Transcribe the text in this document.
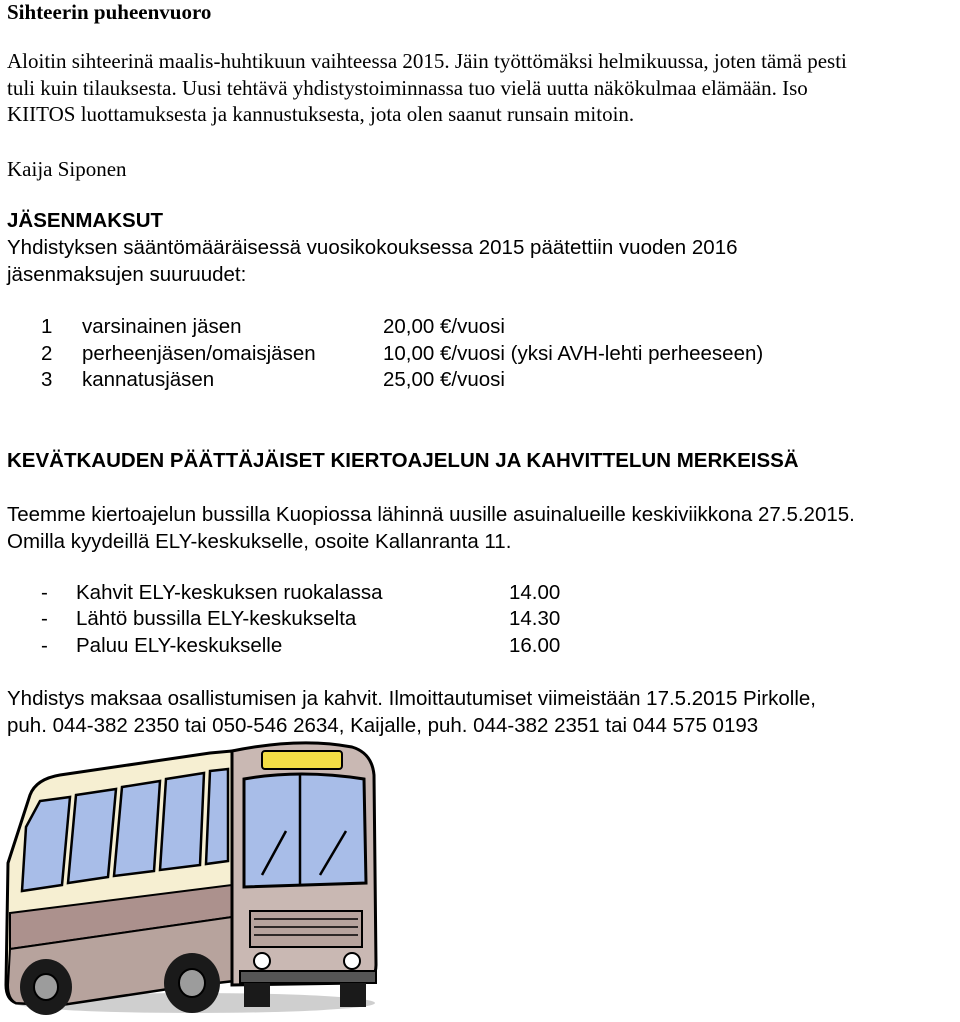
Sihteerin puheenvuoro
Aloitin sihteerinä maalis-huhtikuun vaihteessa 2015. Jäin työttömäksi helmikuussa, joten tämä pesti
tuli kuin tilauksesta. Uusi tehtävä yhdistystoiminnassa tuo vielä uutta näkökulmaa elämään. Iso
KIITOS luottamuksesta ja kannustuksesta, jota olen saanut runsain mitoin.
Kaija Siponen
JÄSENMAKSUT
Yhdistyksen sääntömääräisessä vuosikokouksessa 2015 päätettiin vuoden 2016
jäsenmaksujen suuruudet:
1 varsinainen jäsen	20,00 €/vuosi
2 perheenjäsen/omaisjäsen	10,00 €/vuosi (yksi AVH-lehti perheeseen)
3 kannatusjäsen	25,00 €/vuosi
KEVÄTKAUDEN PÄÄTTÄJÄISET KIERTOAJELUN JA KAHVITTELUN MERKEISSÄ
Teemme kiertoajelun bussilla Kuopiossa lähinnä uusille asuinalueille keskiviikkona 27.5.2015.
Omilla kyydeillä ELY-keskukselle, osoite Kallanranta 11.
- Kahvit ELY-keskuksen ruokalassa	14.00
- Lähtö bussilla ELY-keskukselta	14.30
- Paluu ELY-keskukselle	16.00
Yhdistys maksaa osallistumisen ja kahvit. Ilmoittautumiset viimeistään 17.5.2015 Pirkolle,
puh. 044-382 2350 tai 050-546 2634, Kaijalle, puh. 044-382 2351 tai 044 575 0193
